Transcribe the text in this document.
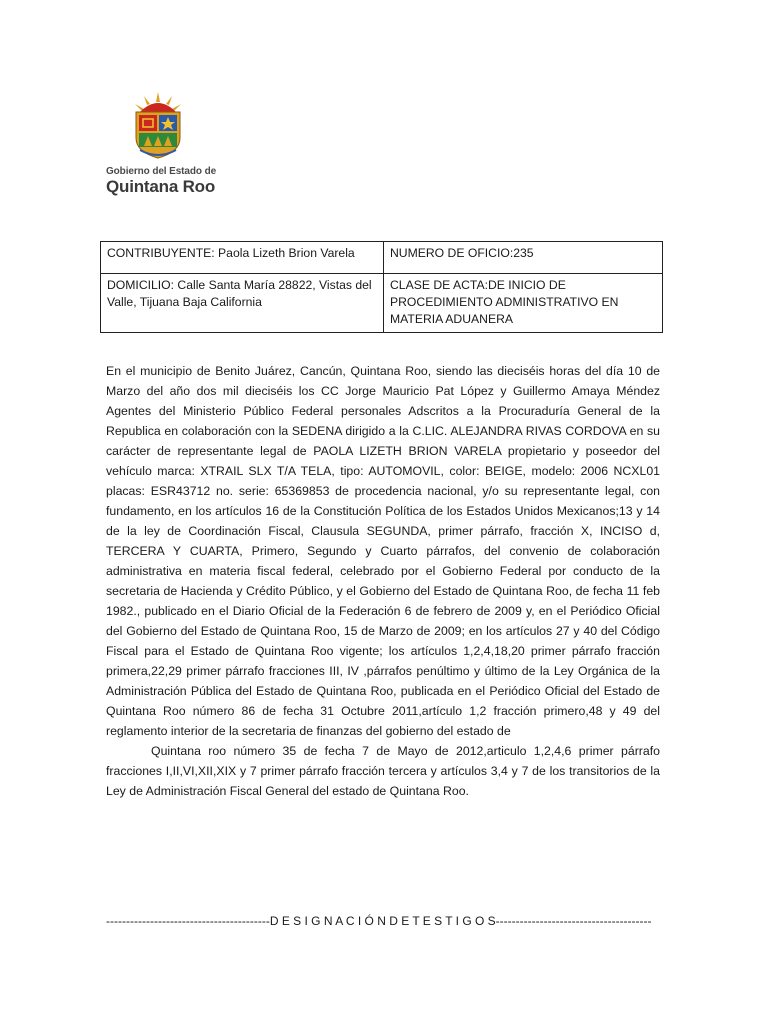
Gobierno del Estado de
Quintana Roo
CONTRIBUYENTE: Paola Lizeth Brion Varela	NUMERO DE OFICIO:235
DOMICILIO: Calle Santa María 28822, Vistas del Valle, Tijuana Baja California	CLASE DE ACTA:DE INICIO DE PROCEDIMIENTO ADMINISTRATIVO EN MATERIA ADUANERA

En el municipio de Benito Juárez, Cancún, Quintana Roo, siendo las dieciséis horas del día 10 de Marzo del año dos mil dieciséis los CC Jorge Mauricio Pat López y Guillermo Amaya Méndez Agentes del Ministerio Público Federal personales Adscritos a la Procuraduría General de la Republica en colaboración con la SEDENA dirigido a la C.LIC. ALEJANDRA RIVAS CORDOVA en su carácter de representante legal de PAOLA LIZETH BRION VARELA propietario y poseedor del vehículo marca: XTRAIL SLX T/A TELA, tipo: AUTOMOVIL, color: BEIGE, modelo: 2006 NCXL01 placas: ESR43712 no. serie: 65369853 de procedencia nacional, y/o su representante legal, con fundamento, en los artículos 16 de la Constitución Política de los Estados Unidos Mexicanos;13 y 14 de la ley de Coordinación Fiscal, Clausula SEGUNDA, primer párrafo, fracción X, INCISO d, TERCERA Y CUARTA, Primero, Segundo y Cuarto párrafos, del convenio de colaboración administrativa en materia fiscal federal, celebrado por el Gobierno Federal por conducto de la secretaria de Hacienda y Crédito Público, y el Gobierno del Estado de Quintana Roo, de fecha 11 feb 1982., publicado en el Diario Oficial de la Federación 6 de febrero de 2009 y, en el Periódico Oficial del Gobierno del Estado de Quintana Roo, 15 de Marzo de 2009; en los artículos 27 y 40 del Código Fiscal para el Estado de Quintana Roo vigente; los artículos 1,2,4,18,20 primer párrafo fracción primera,22,29 primer párrafo fracciones III, IV ,párrafos penúltimo y último de la Ley Orgánica de la Administración Pública del Estado de Quintana Roo, publicada en el Periódico Oficial del Estado de Quintana Roo número 86 de fecha 31 Octubre 2011,artículo 1,2 fracción primero,48 y 49 del reglamento interior de la secretaria de finanzas del gobierno del estado de

Quintana roo número 35 de fecha 7 de Mayo de 2012,articulo 1,2,4,6 primer párrafo fracciones I,II,VI,XII,XIX y 7 primer párrafo fracción tercera y artículos 3,4 y 7 de los transitorios de la Ley de Administración Fiscal General del estado de Quintana Roo.

-----------------------------------------D E S I G N A C I Ó N D E T E S T I G O S---------------------------------------
